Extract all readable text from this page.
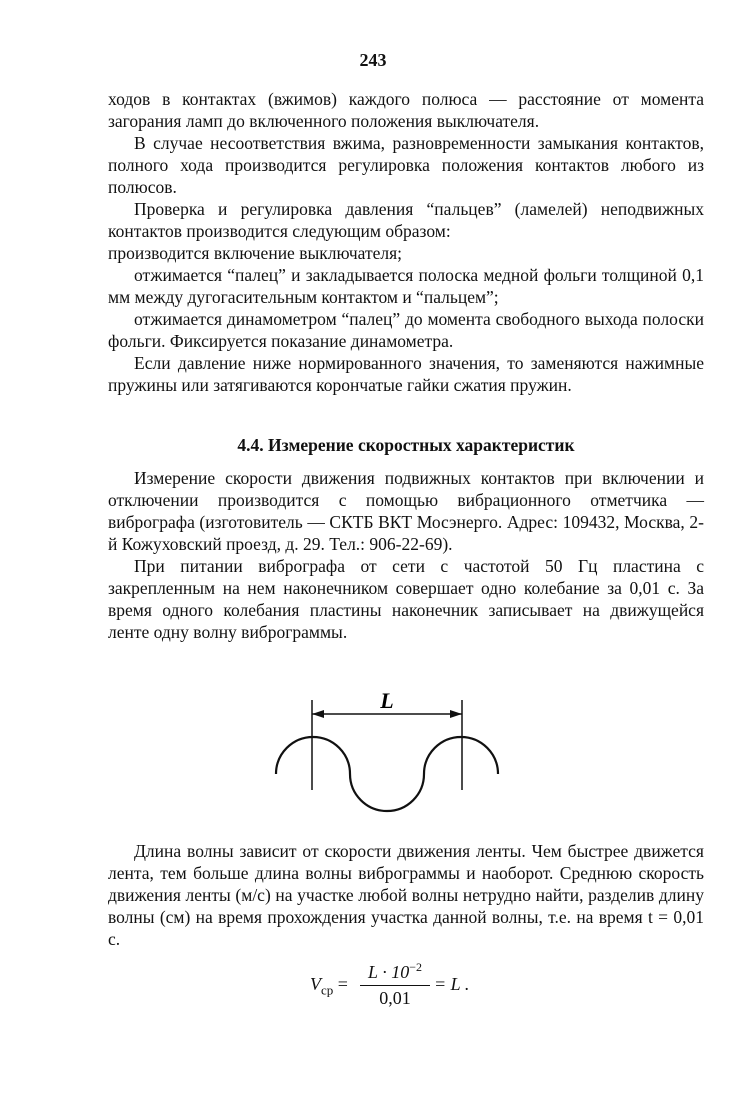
243

ходов в контактах (вжимов) каждого полюса — расстояние от момента загорания ламп до включенного положения выключателя.

В случае несоответствия вжима, разновременности замыкания контактов, полного хода производится регулировка положения контактов любого из полюсов.

Проверка и регулировка давления “пальцев” (ламелей) неподвижных контактов производится следующим образом:

производится включение выключателя;

отжимается “палец” и закладывается полоска медной фольги толщиной 0,1 мм между дугогасительным контактом и “пальцем”;

отжимается динамометром “палец” до момента свободного выхода полоски фольги. Фиксируется показание динамометра.

Если давление ниже нормированного значения, то заменяются нажимные пружины или затягиваются корончатые гайки сжатия пружин.

4.4. Измерение скоростных характеристик

Измерение скорости движения подвижных контактов при включении и отключении производится с помощью вибрационного отметчика — вибрографа (изготовитель — СКТБ ВКТ Мосэнерго. Адрес: 109432, Москва, 2-й Кожуховский проезд, д. 29. Тел.: 906-22-69).

При питании вибрографа от сети с частотой 50 Гц пластина с закрепленным на нем наконечником совершает одно колебание за 0,01 с. За время одного колебания пластины наконечник записывает на движущейся ленте одну волну виброграммы.

L

Длина волны зависит от скорости движения ленты. Чем быстрее движется лента, тем больше длина волны виброграммы и наоборот. Среднюю скорость движения ленты (м/с) на участке любой волны нетрудно найти, разделив длину волны (см) на время прохождения участка данной волны, т.е. на время t = 0,01 с.

$V_{ср}$ =
$L \cdot 10^{-2}$
0,01
= L .
